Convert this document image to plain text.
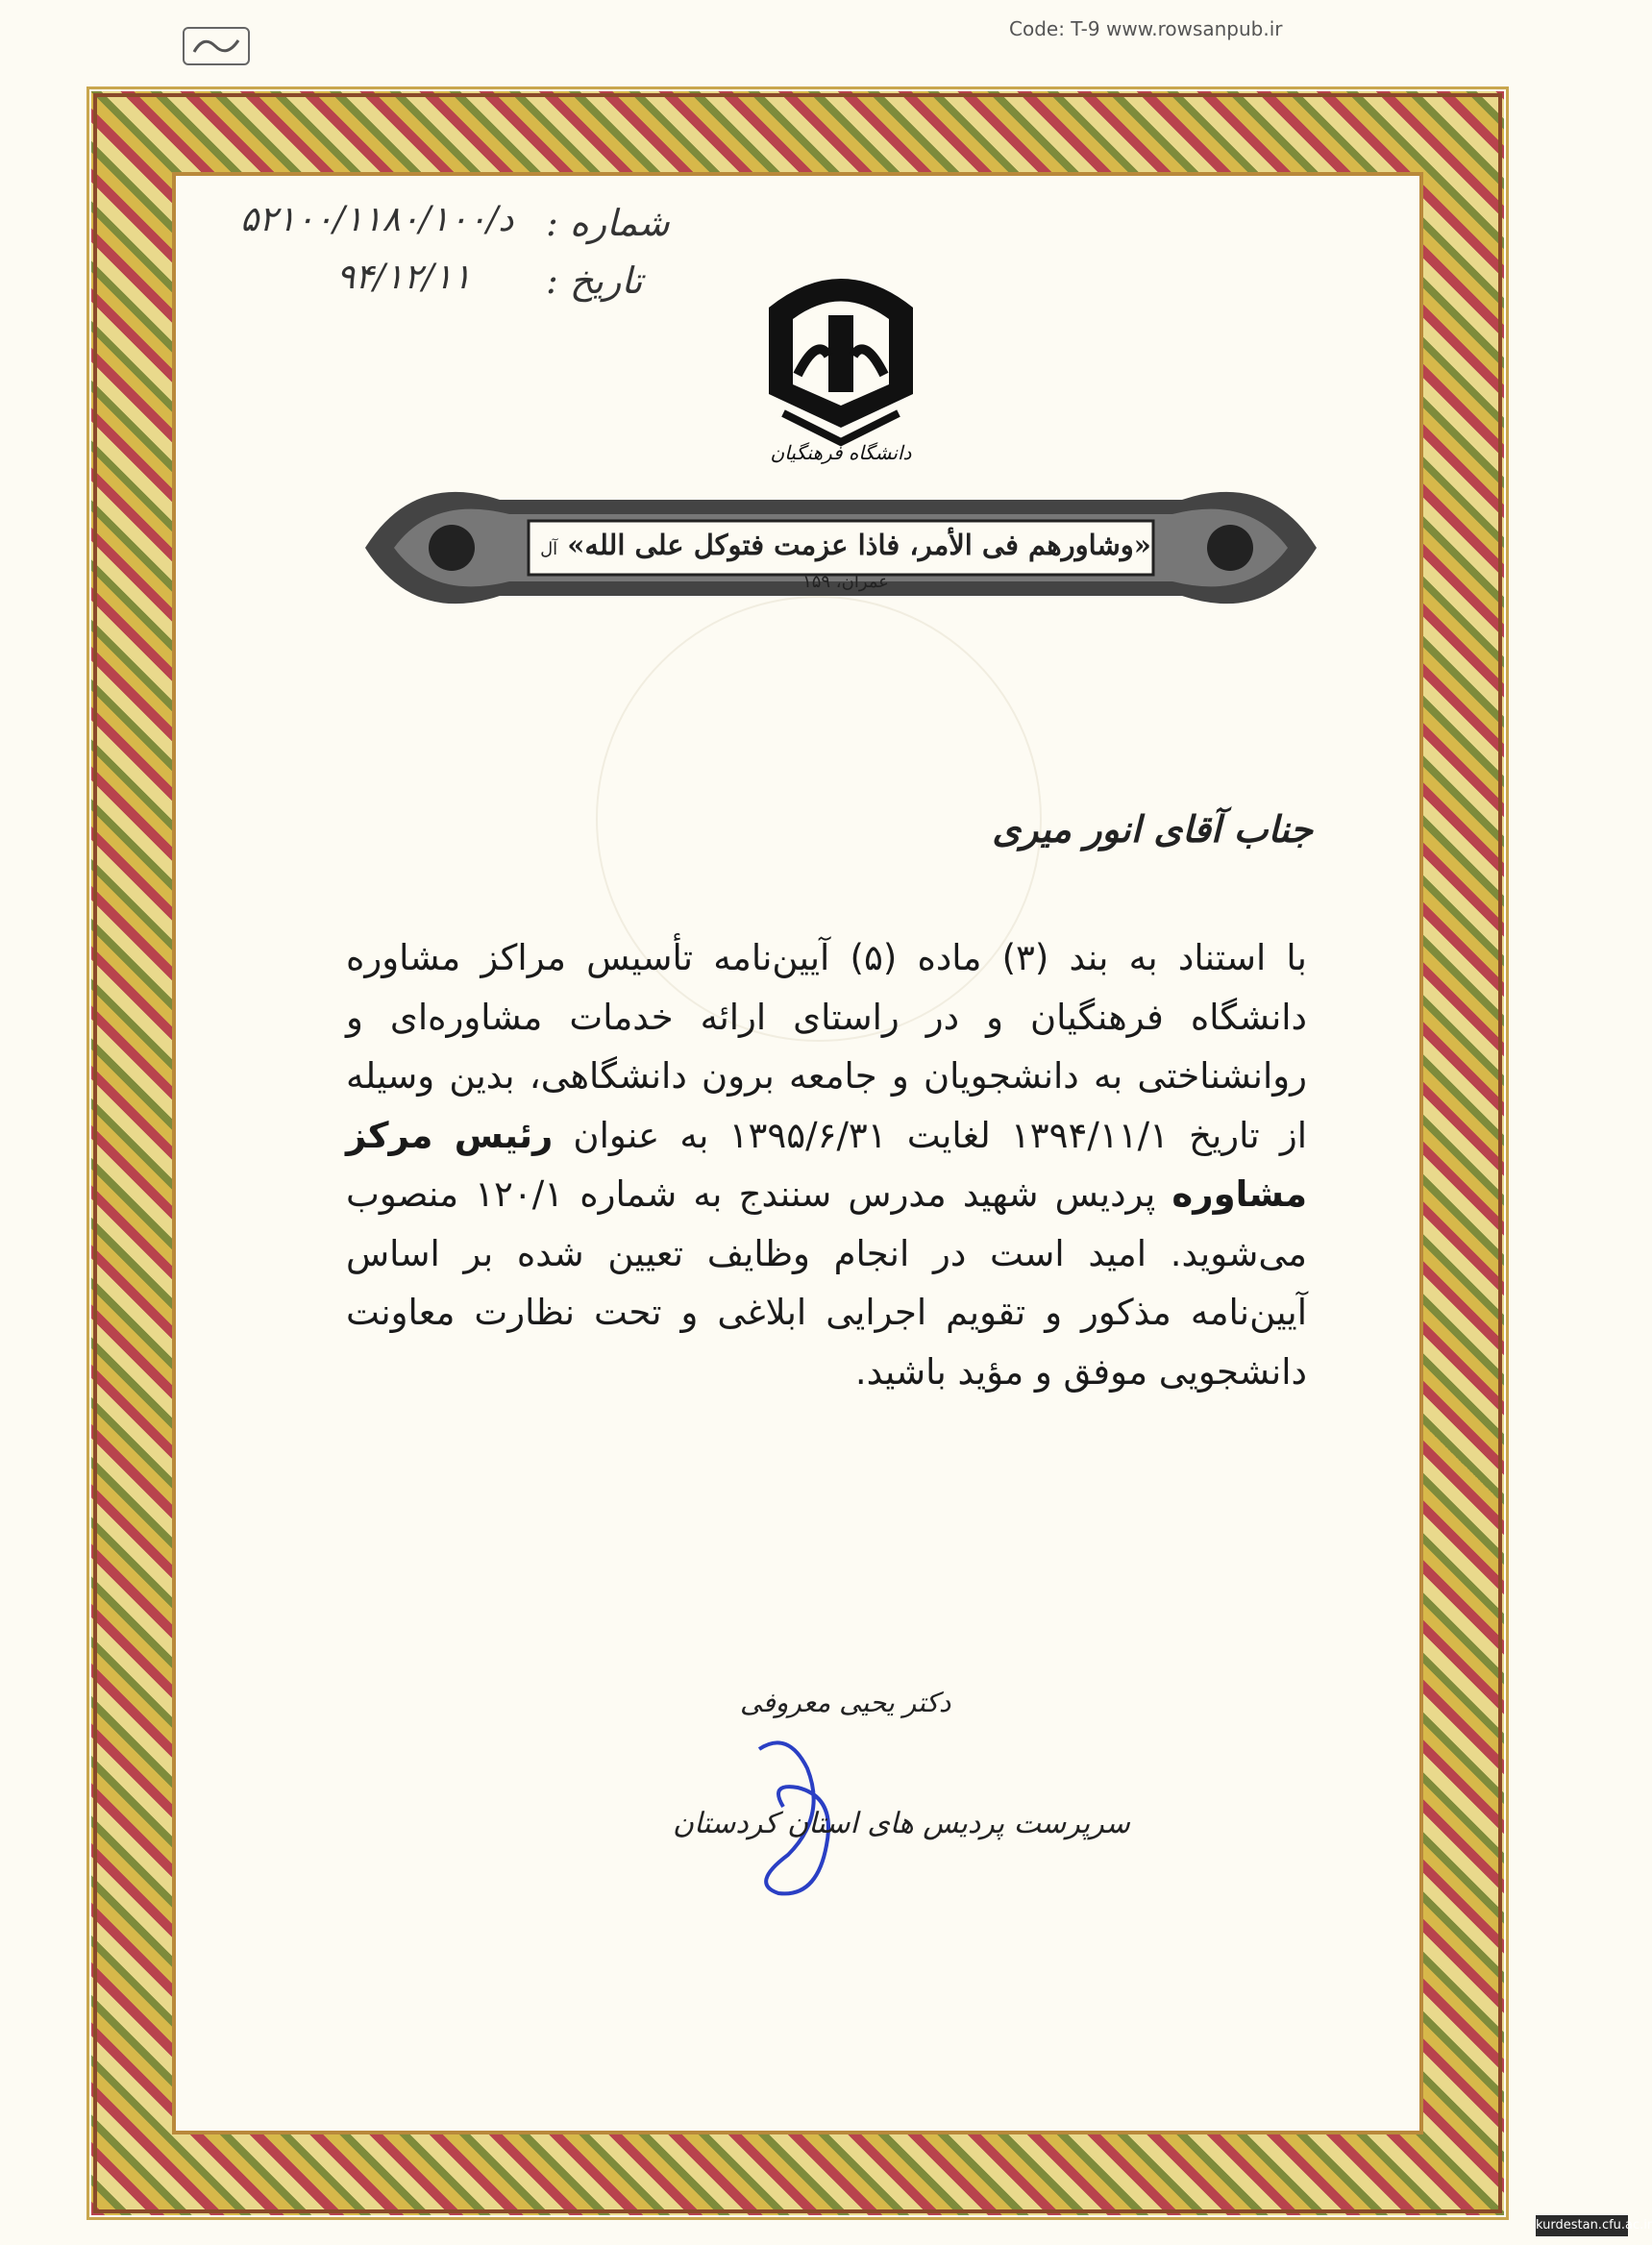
Code: T-9 www.rowsanpub.ir
شماره :
د/۵۲۱۰۰/۱۱۸۰/۱۰۰
تاریخ :
۹۴/۱۲/۱۱
دانشگاه فرهنگیان
«وشاورهم فی الأمر، فاذا عزمت فتوکل علی الله» آل عمران، ۱۵۹
جناب آقای انور میری
با استناد به بند (۳) ماده (۵) آیین‌نامه تأسیس مراکز مشاوره دانشگاه فرهنگیان و در راستای ارائه خدمات مشاوره‌ای و روانشناختی به دانشجویان و جامعه برون دانشگاهی، بدین وسیله از تاریخ ۱۳۹۴/۱۱/۱ لغایت ۱۳۹۵/۶/۳۱ به عنوان رئیس مرکز مشاوره پردیس شهید مدرس سنندج به شماره ۱۲۰/۱ منصوب می‌شوید. امید است در انجام وظایف تعیین شده بر اساس آیین‌نامه مذکور و تقویم اجرایی ابلاغی و تحت نظارت معاونت دانشجویی موفق و مؤید باشید.
دکتر یحیی معروفی
سرپرست پردیس های استان کردستان
kurdestan.cfu.ac.ir
